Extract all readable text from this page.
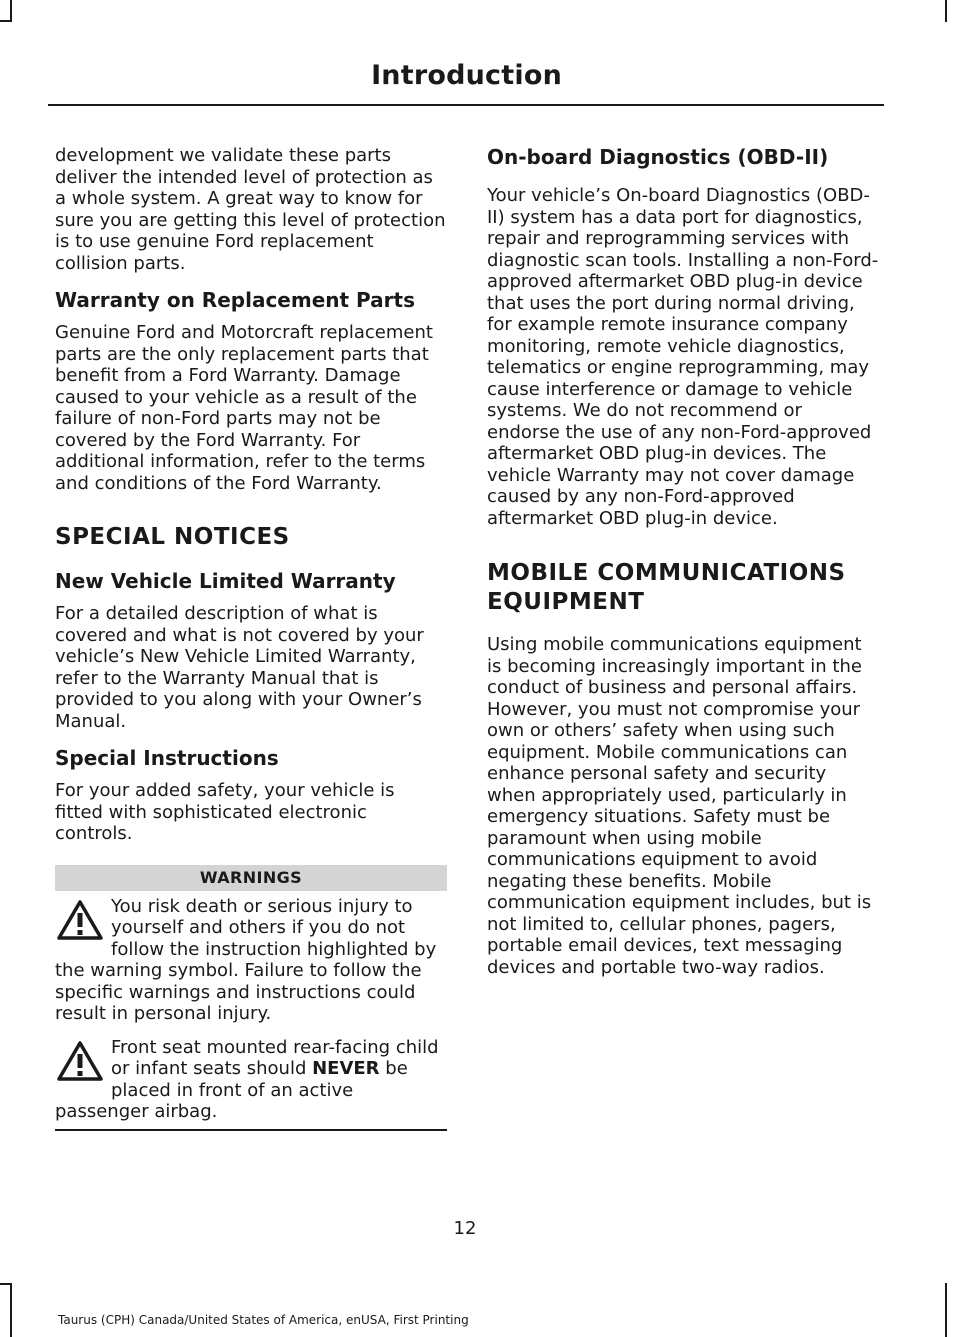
Introduction

development we validate these parts deliver the intended level of protection as a whole system. A great way to know for sure you are getting this level of protection is to use genuine Ford replacement collision parts.

Warranty on Replacement Parts

Genuine Ford and Motorcraft replacement parts are the only replacement parts that benefit from a Ford Warranty. Damage caused to your vehicle as a result of the failure of non-Ford parts may not be covered by the Ford Warranty. For additional information, refer to the terms and conditions of the Ford Warranty.

SPECIAL NOTICES

New Vehicle Limited Warranty

For a detailed description of what is covered and what is not covered by your vehicle’s New Vehicle Limited Warranty, refer to the Warranty Manual that is provided to you along with your Owner’s Manual.

Special Instructions

For your added safety, your vehicle is fitted with sophisticated electronic controls.

WARNINGS

You risk death or serious injury to yourself and others if you do not follow the instruction highlighted by the warning symbol. Failure to follow the specific warnings and instructions could result in personal injury.

Front seat mounted rear-facing child or infant seats should NEVER be placed in front of an active passenger airbag.

On-board Diagnostics (OBD-II)

Your vehicle’s On-board Diagnostics (OBD-II) system has a data port for diagnostics, repair and reprogramming services with diagnostic scan tools. Installing a non-Ford-approved aftermarket OBD plug-in device that uses the port during normal driving, for example remote insurance company monitoring, remote vehicle diagnostics, telematics or engine reprogramming, may cause interference or damage to vehicle systems. We do not recommend or endorse the use of any non-Ford-approved aftermarket OBD plug-in devices. The vehicle Warranty may not cover damage caused by any non-Ford-approved aftermarket OBD plug-in device.

MOBILE COMMUNICATIONS

EQUIPMENT

Using mobile communications equipment is becoming increasingly important in the conduct of business and personal affairs. However, you must not compromise your own or others’ safety when using such equipment. Mobile communications can enhance personal safety and security when appropriately used, particularly in emergency situations. Safety must be paramount when using mobile communications equipment to avoid negating these benefits. Mobile communication equipment includes, but is not limited to, cellular phones, pagers, portable email devices, text messaging devices and portable two-way radios.

12
Taurus (CPH) Canada/United States of America, enUSA, First Printing
